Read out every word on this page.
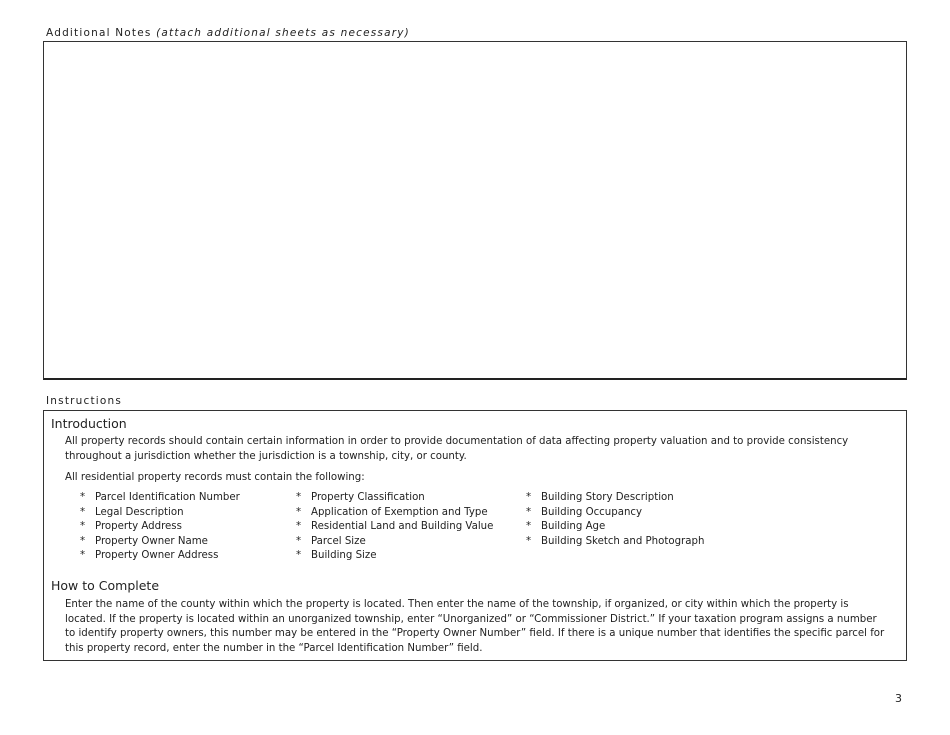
Additional Notes (attach additional sheets as necessary)
Instructions
Introduction
All property records should contain certain information in order to provide documentation of data affecting property valuation and to provide consistency throughout a jurisdiction whether the jurisdiction is a township, city, or county.
All residential property records must contain the following:
* Parcel Identification Number
* Legal Description
* Property Address
* Property Owner Name
* Property Owner Address
* Property Classification
* Application of Exemption and Type
* Residential Land and Building Value
* Parcel Size
* Building Size
* Building Story Description
* Building Occupancy
* Building Age
* Building Sketch and Photograph
How to Complete
Enter the name of the county within which the property is located. Then enter the name of the township, if organized, or city within which the property is located. If the property is located within an unorganized township, enter “Unorganized” or “Commissioner District.” If your taxation program assigns a number to identify property owners, this number may be entered in the “Property Owner Number” field. If there is a unique number that identifies the specific parcel for this property record, enter the number in the “Parcel Identification Number” field.
3
